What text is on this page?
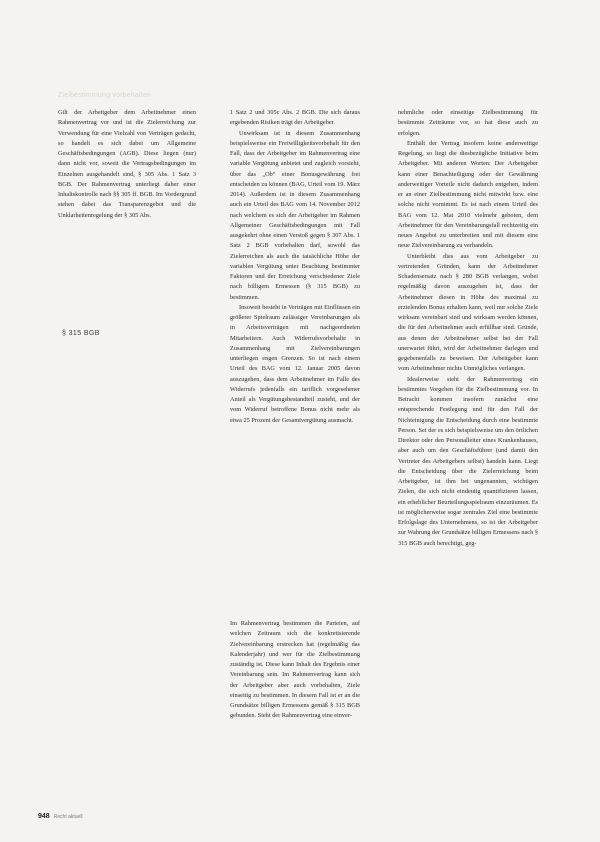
Zielbestimmung vorbehalten

Gilt der Arbeitgeber dem Arbeitnehmer einen Rahmenvertrag vor und ist die Zielerreichung zur Verwendung für eine Vielzahl von Verträgen gedacht, so handelt es sich dabei um Allgemeine Geschäftsbedingungen (AGB). Diese liegen (nur) dann nicht vor, soweit die Vertragsbedingungen im Einzelnen ausgehandelt sind, § 305 Abs. 1 Satz 3 BGB. Der Rahmenvertrag unterliegt daher einer Inhaltskontrolle nach §§ 305 ff. BGB. Im Vordergrund stehen dabei das Transparenzgebot und die Unklarheitenregelung der § 305 Abs.

§ 315 BGB

1 Satz 2 und 305c Abs. 2 BGB. Die sich daraus ergebenden Risiken trägt der Arbeitgeber.

Unwirksam ist in diesem Zusammenhang beispielsweise ein Freiwilligkeitsvorbehalt für den Fall, dass der Arbeitgeber im Rahmenvertrag eine variable Vergütung anbietet und zugleich vorsieht, über das „Ob“ einer Bonusgewährung frei entscheiden zu können (BAG, Urteil vom 19. März 2014). Außerdem ist in diesem Zusammenhang auch ein Urteil des BAG vom 14. November 2012 nach welchem es sich der Arbeitgeber im Rahmen Allgemeiner Geschäftsbedingungen mit Fall ausgekehrt ohne einen Verstoß gegen § 307 Abs. 1 Satz 2 BGB vorbehalten darf, sowohl das Zielerreichen als auch die tatsächliche Höhe der variablen Vergütung unter Beachtung bestimmter Faktoren und der Erreichung verschiedener Ziele nach billigem Ermessen (§ 315 BGB) zu bestimmen.

Insoweit besteht in Verträgen mit Einflüssen ein größerer Spielraum zulässiger Vereinbarungen als in Arbeitsverträgen mit nachgeordneten Mitarbeitern. Auch Widerrufsvorbehalte in Zusammenhang mit Zielvereinbarungen unterliegen engen Grenzen. So ist nach einem Urteil des BAG vom 12. Januar 2005 davon auszugehen, dass dem Arbeitnehmer im Falle des Widerrufs jedenfalls ein tariflich vorgesehener Anteil als Vergütungsbestandteil zusteht, und der vom Widerruf betroffene Bonus nicht mehr als etwa 25 Prozent der Gesamtvergütung ausmacht.

Im Rahmenvertrag bestimmen die Parteien, auf welchen Zeitraum sich die konkretisierende Zielvereinbarung erstrecken hat (regelmäßig das Kalenderjahr) und wer für die Zielbestimmung zuständig ist. Diese kann Inhalt des Ergebnis einer Vereinbarung sein. Im Rahmenvertrag kann sich der Arbeitgeber aber auch vorbehalten, Ziele einseitig zu bestimmen. In diesem Fall ist er an die Grundsätze billigen Ermessens gemäß § 315 BGB gebunden. Sieht der Rahmenvertrag eine einver-

nehmliche oder einseitige Zielbestimmung für bestimmte Zeiträume vor, so hat diese auch zu erfolgen.

Enthält der Vertrag insofern keine anderweitige Regelung, so liegt die diesbezügliche Initiative beim Arbeitgeber. Mit anderen Worten: Der Arbeitgeber kann einer Benachteiligung oder der Gewährung anderweitiger Vorteile nicht dadurch entgehen, indem er an einer Zielbestimmung nicht mitwirkt bzw. eine solche nicht vornimmt. Es ist nach einem Urteil des BAG vom 12. Mai 2010 vielmehr geboten, dem Arbeitnehmer für den Vereinbarungsfall rechtzeitig ein neues Angebot zu unterbreiten und mit diesem eine neue Zielvereinbarung zu verhandeln.

Unterbleibt dies aus vom Arbeitgeber zu vertretenden Gründen, kann der Arbeitnehmer Schadensersatz nach § 280 BGB verlangen, wobei regelmäßig davon auszugehen ist, dass der Arbeitnehmer diesen in Höhe des maximal zu erzielenden Bonus erhalten kann, weil nur solche Ziele wirksam vereinbart sind und wirksam werden können, die für den Arbeitnehmer auch erfüllbar sind. Gründe, aus denen der Arbeitnehmer selbst bei der Fall unerwartet führt, wird der Arbeitnehmer darlegen und gegebenenfalls zu beweisen. Der Arbeitgeber kann vom Arbeitnehmer nichts Unmögliches verlangen.

Idealerweise sieht der Rahmenvertrag ein bestimmtes Vorgehen für die Zielbestimmung vor. In Betracht kommen insofern zunächst eine entsprechende Festlegung und für den Fall der Nichteinigung die Entscheidung durch eine bestimmte Person. Sei der es sich beispielsweise um den örtlichen Direktor oder den Personalleiter eines Krankenhauses, aber auch um den Geschäftsführer (und damit den Vertreter des Arbeitgebers selbst) handeln kann. Liegt die Entscheidung über die Zielerreichung beim Arbeitgeber, ist ihm bei ungenannten, wichtigen Zielen, die sich nicht eindeutig quantifizieren lassen, ein erheblicher Beurteilungsspielraum einzuräumen. Es ist möglicherweise sogar zentrales Ziel eine bestimmte Erfolgslage des Unternehmens, so ist der Arbeitgeber zur Wahrung der Grundsätze billigen Ermessens nach § 315 BGB auch berechtigt, geg-

948 Recht aktuell
